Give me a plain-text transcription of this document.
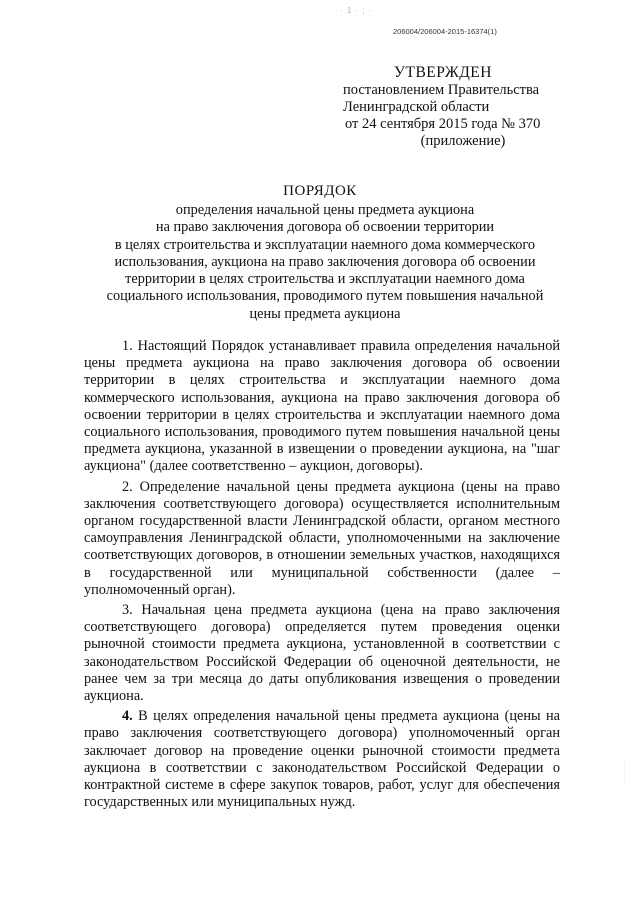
· 1 · ; ·
206004/206004-2015-16374(1)
УТВЕРЖДЕН
постановлением Правительства
Ленинградской области
от 24 сентября 2015 года № 370
(приложение)
ПОРЯДОК
определения начальной цены предмета аукциона
на право заключения договора об освоении территории
в целях строительства и эксплуатации наемного дома коммерческого
использования, аукциона на право заключения договора об освоении
территории в целях строительства и эксплуатации наемного дома
социального использования, проводимого путем повышения начальной
цены предмета аукциона

1. Настоящий Порядок устанавливает правила определения начальной цены предмета аукциона на право заключения договора об освоении территории в целях строительства и эксплуатации наемного дома коммерческого использования, аукциона на право заключения договора об освоении территории в целях строительства и эксплуатации наемного дома социального использования, проводимого путем повышения начальной цены предмета аукциона, указанной в извещении о проведении аукциона, на "шаг аукциона" (далее соответственно – аукцион, договоры).

2. Определение начальной цены предмета аукциона (цены на право заключения соответствующего договора) осуществляется исполнительным органом государственной власти Ленинградской области, органом местного самоуправления Ленинградской области, уполномоченными на заключение соответствующих договоров, в отношении земельных участков, находящихся в государственной или муниципальной собственности (далее – уполномоченный орган).

3. Начальная цена предмета аукциона (цена на право заключения соответствующего договора) определяется путем проведения оценки рыночной стоимости предмета аукциона, установленной в соответствии с законодательством Российской Федерации об оценочной деятельности, не ранее чем за три месяца до даты опубликования извещения о проведении аукциона.

4. В целях определения начальной цены предмета аукциона (цены на право заключения соответствующего договора) уполномоченный орган заключает договор на проведение оценки рыночной стоимости предмета аукциона в соответствии с законодательством Российской Федерации о контрактной системе в сфере закупок товаров, работ, услуг для обеспечения государственных или муниципальных нужд.

· · · · · ·
